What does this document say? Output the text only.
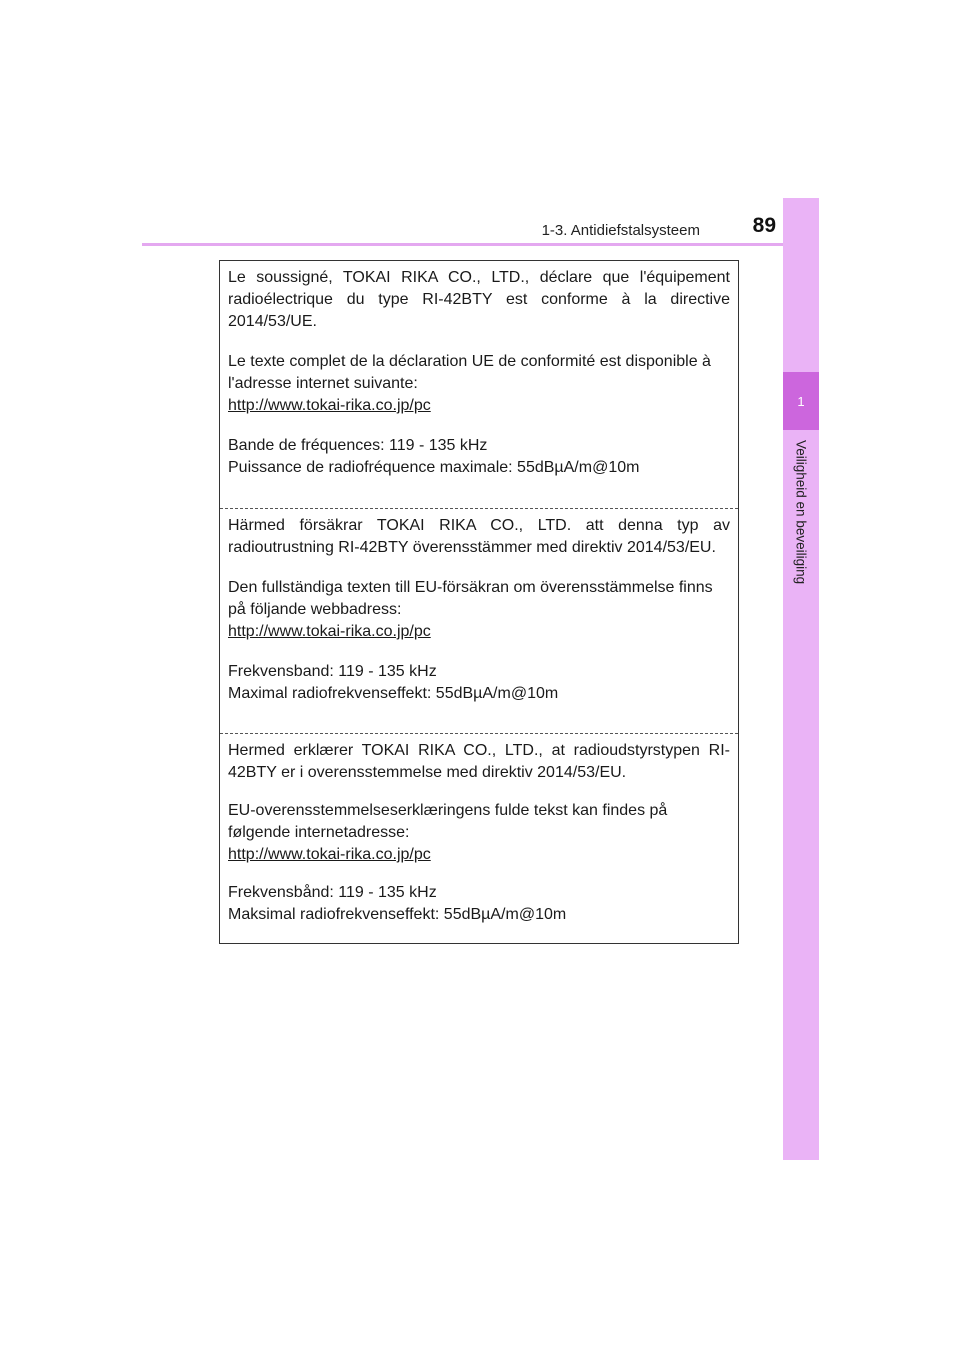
1-3. Antidiefstalsysteem	89
1
Veiligheid en beveiliging

Le soussigné, TOKAI RIKA CO., LTD., déclare que l'équipement radioélectrique du type RI-42BTY est conforme à la directive 2014/53/UE.

Le texte complet de la déclaration UE de conformité est disponible à l'adresse internet suivante:

http://www.tokai-rika.co.jp/pc

Bande de fréquences: 119 - 135 kHz

Puissance de radiofréquence maximale: 55dBµA/m@10m

Härmed försäkrar TOKAI RIKA CO., LTD. att denna typ av radioutrustning RI-42BTY överensstämmer med direktiv 2014/53/EU.

Den fullständiga texten till EU-försäkran om överensstämmelse finns på följande webbadress:

http://www.tokai-rika.co.jp/pc

Frekvensband: 119 - 135 kHz

Maximal radiofrekvenseffekt: 55dBµA/m@10m

Hermed erklærer TOKAI RIKA CO., LTD., at radioudstyrstypen RI-42BTY er i overensstemmelse med direktiv 2014/53/EU.

EU-overensstemmelseserklæringens fulde tekst kan findes på følgende internetadresse:

http://www.tokai-rika.co.jp/pc

Frekvensbånd: 119 - 135 kHz

Maksimal radiofrekvenseffekt: 55dBµA/m@10m
